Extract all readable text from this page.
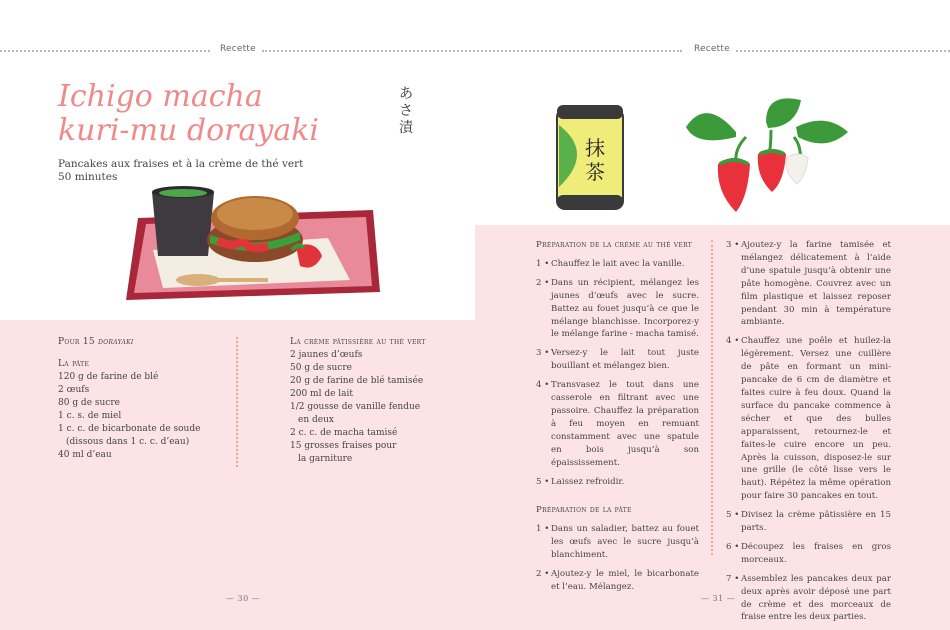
Recette	Recette
Ichigo macha
kuri-mu dorayaki
あ
さ
漬
Pancakes aux fraises et à la crème de thé vert
50 minutes
抹
茶
Pour 15 dorayaki
La pâte
120 g de farine de blé
2 œufs
80 g de sucre
1 c. s. de miel
1 c. c. de bicarbonate de soude
(dissous dans 1 c. c. d’eau)
40 ml d’eau
La crème pâtissière au thé vert
2 jaunes d’œufs
50 g de sucre
20 g de farine de blé tamisée
200 ml de lait
1/2 gousse de vanille fendue
en deux
2 c. c. de macha tamisé
15 grosses fraises pour
la garniture
Préparation de la crème au thé vert
1 • Chauffez le lait avec la vanille.
2 • Dans un récipient, mélangez les jaunes d’œufs avec le sucre. Battez au fouet jusqu’à ce que le mélange blanchisse. Incorporez-y le mélange farine - macha tamisé.
3 • Versez-y le lait tout juste bouillant et mélangez bien.
4 • Transvasez le tout dans une casserole en filtrant avec une passoire. Chauffez la préparation à feu moyen en remuant constamment avec une spatule en bois jusqu’à son épaississement.
5 • Laissez refroidir.
Préparation de la pâte
1 • Dans un saladier, battez au fouet les œufs avec le sucre jusqu’à blanchiment.
2 • Ajoutez-y le miel, le bicarbonate et l’eau. Mélangez.
3 • Ajoutez-y la farine tamisée et mélangez délicatement à l’aide d’une spatule jusqu’à obtenir une pâte homogène. Couvrez avec un film plastique et laissez reposer pendant 30 min à température ambiante.
4 • Chauffez une poêle et huilez-la légèrement. Versez une cuillère de pâte en formant un mini-pancake de 6 cm de diamètre et faites cuire à feu doux. Quand la surface du pancake commence à sécher et que des bulles apparaissent, retournez-le et faites-le cuire encore un peu. Après la cuisson, disposez-le sur une grille (le côté lisse vers le haut). Répétez la même opération pour faire 30 pancakes en tout.
5 • Divisez la crème pâtissière en 15 parts.
6 • Découpez les fraises en gros morceaux.
7 • Assemblez les pancakes deux par deux après avoir déposé une part de crème et des morceaux de fraise entre les deux parties.
— 30 —	— 31 —
